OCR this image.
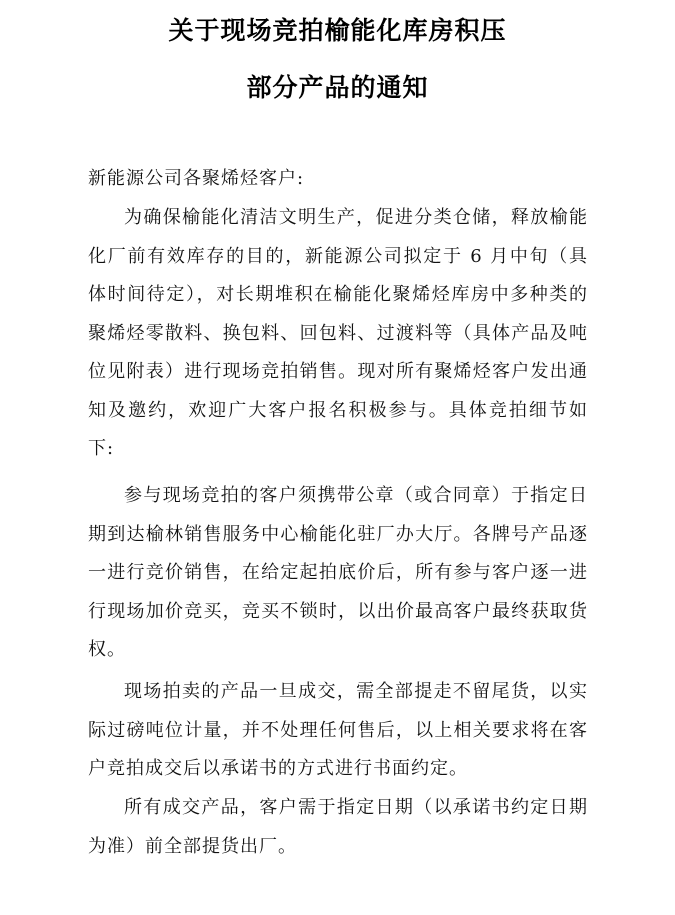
关于现场竞拍榆能化库房积压
部分产品的通知

新能源公司各聚烯烃客户:

为确保榆能化清洁文明生产，促进分类仓储，释放榆能化厂前有效库存的目的，新能源公司拟定于 6 月中旬（具体时间待定），对长期堆积在榆能化聚烯烃库房中多种类的聚烯烃零散料、换包料、回包料、过渡料等（具体产品及吨位见附表）进行现场竞拍销售。现对所有聚烯烃客户发出通知及邀约，欢迎广大客户报名积极参与。具体竞拍细节如下:

参与现场竞拍的客户须携带公章（或合同章）于指定日期到达榆林销售服务中心榆能化驻厂办大厅。各牌号产品逐一进行竞价销售，在给定起拍底价后，所有参与客户逐一进行现场加价竞买，竞买不锁时，以出价最高客户最终获取货权。

现场拍卖的产品一旦成交，需全部提走不留尾货，以实际过磅吨位计量，并不处理任何售后，以上相关要求将在客户竞拍成交后以承诺书的方式进行书面约定。

所有成交产品，客户需于指定日期（以承诺书约定日期为准）前全部提货出厂。
